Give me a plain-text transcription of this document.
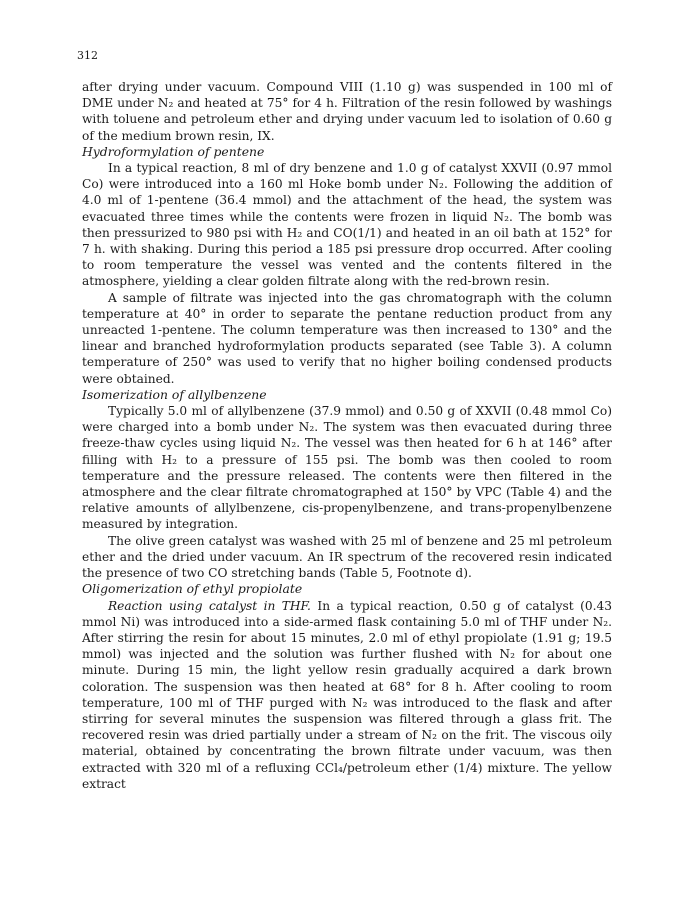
312

after drying under vacuum. Compound VIII (1.10 g) was suspended in 100 ml of DME under N₂ and heated at 75° for 4 h. Filtration of the resin followed by washings with toluene and petroleum ether and drying under vacuum led to isolation of 0.60 g of the medium brown resin, IX.

Hydroformylation of pentene

In a typical reaction, 8 ml of dry benzene and 1.0 g of catalyst XXVII (0.97 mmol Co) were introduced into a 160 ml Hoke bomb under N₂. Following the addition of 4.0 ml of 1-pentene (36.4 mmol) and the attachment of the head, the system was evacuated three times while the contents were frozen in liquid N₂. The bomb was then pressurized to 980 psi with H₂ and CO(1/1) and heated in an oil bath at 152° for 7 h. with shaking. During this period a 185 psi pressure drop occurred. After cooling to room temperature the vessel was vented and the contents filtered in the atmosphere, yielding a clear golden filtrate along with the red-brown resin.

A sample of filtrate was injected into the gas chromatograph with the column temperature at 40° in order to separate the pentane reduction product from any unreacted 1-pentene. The column temperature was then increased to 130° and the linear and branched hydroformylation products separated (see Table 3). A column temperature of 250° was used to verify that no higher boiling condensed products were obtained.

Isomerization of allylbenzene

Typically 5.0 ml of allylbenzene (37.9 mmol) and 0.50 g of XXVII (0.48 mmol Co) were charged into a bomb under N₂. The system was then evacuated during three freeze-thaw cycles using liquid N₂. The vessel was then heated for 6 h at 146° after filling with H₂ to a pressure of 155 psi. The bomb was then cooled to room temperature and the pressure released. The contents were then filtered in the atmosphere and the clear filtrate chromatographed at 150° by VPC (Table 4) and the relative amounts of allylbenzene, cis-propenylbenzene, and trans-propenylbenzene measured by integration.

The olive green catalyst was washed with 25 ml of benzene and 25 ml petroleum ether and the dried under vacuum. An IR spectrum of the recovered resin indicated the presence of two CO stretching bands (Table 5, Footnote d).

Oligomerization of ethyl propiolate

Reaction using catalyst in THF. In a typical reaction, 0.50 g of catalyst (0.43 mmol Ni) was introduced into a side-armed flask containing 5.0 ml of THF under N₂. After stirring the resin for about 15 minutes, 2.0 ml of ethyl propiolate (1.91 g; 19.5 mmol) was injected and the solution was further flushed with N₂ for about one minute. During 15 min, the light yellow resin gradually acquired a dark brown coloration. The suspension was then heated at 68° for 8 h. After cooling to room temperature, 100 ml of THF purged with N₂ was introduced to the flask and after stirring for several minutes the suspension was filtered through a glass frit. The recovered resin was dried partially under a stream of N₂ on the frit. The viscous oily material, obtained by concentrating the brown filtrate under vacuum, was then extracted with 320 ml of a refluxing CCl₄/petroleum ether (1/4) mixture. The yellow extract
